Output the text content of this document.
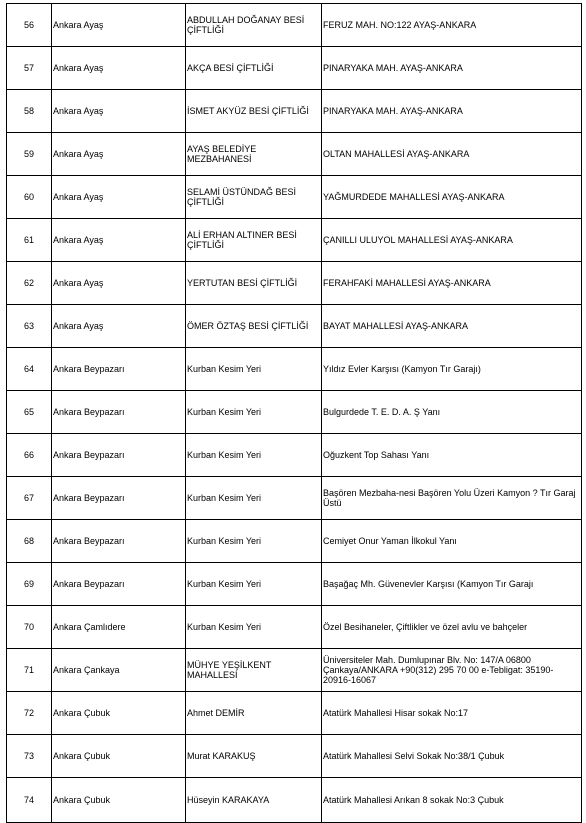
56	Ankara Ayaş	ABDULLAH DOĞANAY BESİ ÇİFTLİĞİ	FERUZ MAH. NO:122 AYAŞ-ANKARA
57	Ankara Ayaş	AKÇA BESİ ÇİFTLİĞİ	PINARYAKA MAH. AYAŞ-ANKARA
58	Ankara Ayaş	İSMET AKYÜZ BESİ ÇİFTLİĞİ	PINARYAKA MAH. AYAŞ-ANKARA
59	Ankara Ayaş	AYAŞ BELEDİYE MEZBAHANESİ	OLTAN MAHALLESİ AYAŞ-ANKARA
60	Ankara Ayaş	SELAMİ ÜSTÜNDAĞ BESİ ÇİFTLİĞİ	YAĞMURDEDE MAHALLESİ AYAŞ-ANKARA
61	Ankara Ayaş	ALİ ERHAN ALTINER BESİ ÇİFTLİĞİ	ÇANILLI ULUYOL MAHALLESİ AYAŞ-ANKARA
62	Ankara Ayaş	YERTUTAN BESİ ÇİFTLİĞİ	FERAHFAKİ MAHALLESİ AYAŞ-ANKARA
63	Ankara Ayaş	ÖMER ÖZTAŞ BESİ ÇİFTLİĞİ	BAYAT MAHALLESİ AYAŞ-ANKARA
64	Ankara Beypazarı	Kurban Kesim Yeri	Yıldız Evler Karşısı (Kamyon Tır Garajı)
65	Ankara Beypazarı	Kurban Kesim Yeri	Bulgurdede T. E. D. A. Ş Yanı
66	Ankara Beypazarı	Kurban Kesim Yeri	Oğuzkent Top Sahası Yanı
67	Ankara Beypazarı	Kurban Kesim Yeri	Başören Mezbaha-nesi Başören Yolu Üzeri Kamyon ? Tır Garaj Üstü
68	Ankara Beypazarı	Kurban Kesim Yeri	Cemiyet Onur Yaman İlkokul Yanı
69	Ankara Beypazarı	Kurban Kesim Yeri	Başağaç Mh. Güvenevler Karşısı (Kamyon Tır Garajı
70	Ankara Çamlıdere	Kurban Kesim Yeri	Özel Besihaneler, Çiftlikler ve özel avlu ve bahçeler
71	Ankara Çankaya	MÜHYE YEŞİLKENT MAHALLESİ	Üniversiteler Mah. Dumlupınar Blv. No: 147/A 06800 Çankaya/ANKARA +90(312) 295 70 00 e-Tebligat: 35190-20916-16067
72	Ankara Çubuk	Ahmet DEMİR	Atatürk Mahallesi Hisar sokak No:17
73	Ankara Çubuk	Murat KARAKUŞ	Atatürk Mahallesi Selvi Sokak No:38/1 Çubuk
74	Ankara Çubuk	Hüseyin KARAKAYA	Atatürk Mahallesi Arıkan 8 sokak No:3 Çubuk
